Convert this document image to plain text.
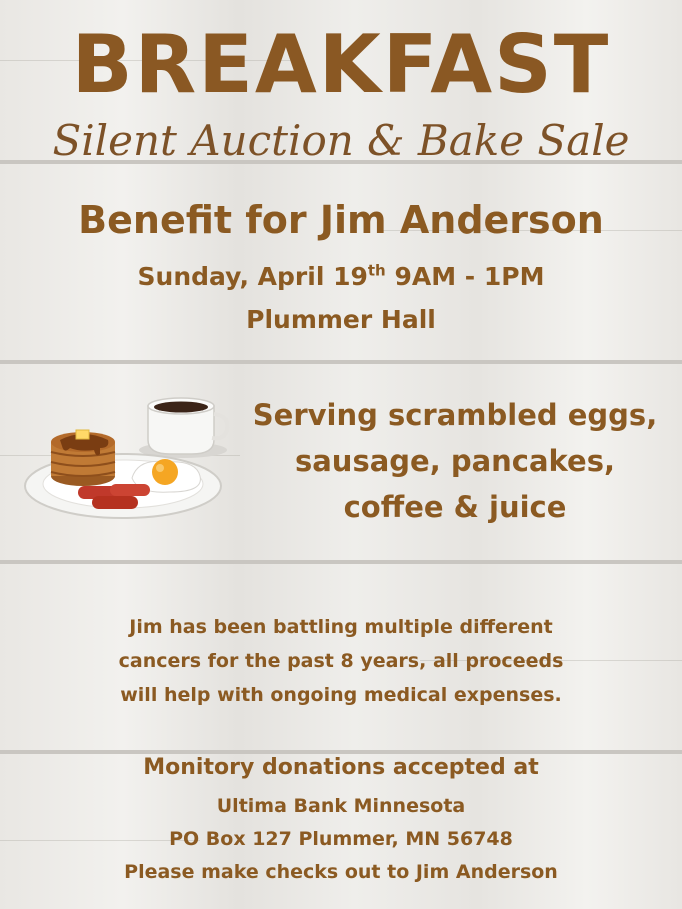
BREAKFAST
Silent Auction & Bake Sale
Benefit for Jim Anderson
Sunday, April 19th 9AM - 1PM
Plummer Hall
Serving scrambled eggs,
sausage, pancakes,
coffee & juice
Jim has been battling multiple different
cancers for the past 8 years, all proceeds
will help with ongoing medical expenses.
Monitory donations accepted at
Ultima Bank Minnesota
PO Box 127 Plummer, MN 56748
Please make checks out to Jim Anderson
